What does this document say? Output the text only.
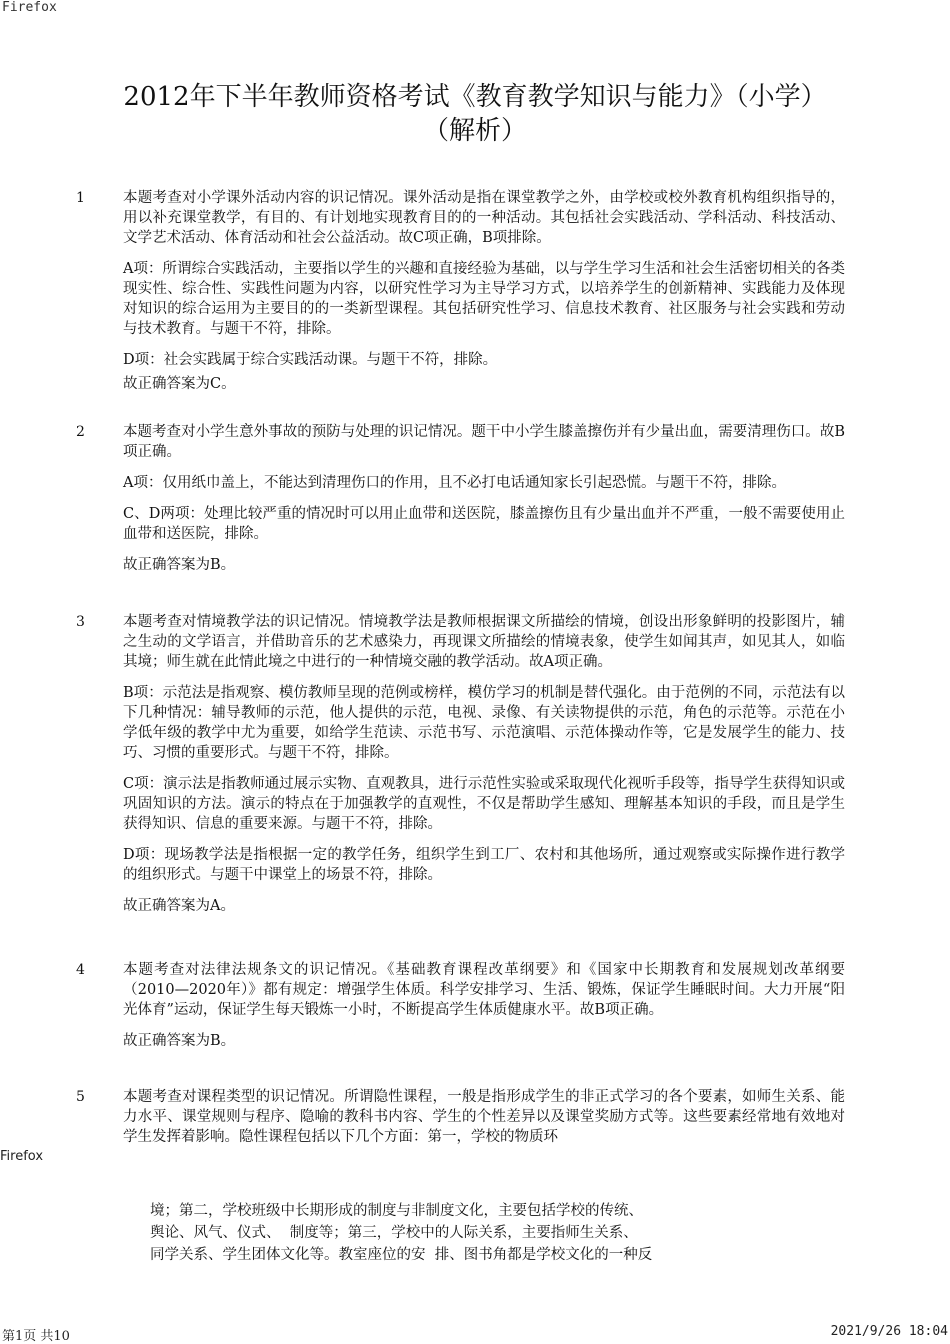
Firefox
2012年下半年教师资格考试《教育教学知识与能力》（小学）
（解析）
1	本题考查对小学课外活动内容的识记情况。课外活动是指在课堂教学之外，由学校或校外教育机构组织指导的，用以补充课堂教学，有目的、有计划地实现教育目的的一种活动。其包括社会实践活动、学科活动、科技活动、文学艺术活动、体育活动和社会公益活动。故C项正确，B项排除。

A项：所谓综合实践活动，主要指以学生的兴趣和直接经验为基础，以与学生学习生活和社会生活密切相关的各类现实性、综合性、实践性问题为内容，以研究性学习为主导学习方式，以培养学生的创新精神、实践能力及体现对知识的综合运用为主要目的的一类新型课程。其包括研究性学习、信息技术教育、社区服务与社会实践和劳动与技术教育。与题干不符，排除。

D项：社会实践属于综合实践活动课。与题干不符，排除。

故正确答案为C。

2	本题考查对小学生意外事故的预防与处理的识记情况。题干中小学生膝盖擦伤并有少量出血，需要清理伤口。故B项正确。

A项：仅用纸巾盖上，不能达到清理伤口的作用，且不必打电话通知家长引起恐慌。与题干不符，排除。

C、D两项：处理比较严重的情况时可以用止血带和送医院，膝盖擦伤且有少量出血并不严重，一般不需要使用止血带和送医院，排除。

故正确答案为B。

3	本题考查对情境教学法的识记情况。情境教学法是教师根据课文所描绘的情境，创设出形象鲜明的投影图片，辅之生动的文学语言，并借助音乐的艺术感染力，再现课文所描绘的情境表象，使学生如闻其声，如见其人，如临其境；师生就在此情此境之中进行的一种情境交融的教学活动。故A项正确。

B项：示范法是指观察、模仿教师呈现的范例或榜样，模仿学习的机制是替代强化。由于范例的不同，示范法有以下几种情况：辅导教师的示范，他人提供的示范，电视、录像、有关读物提供的示范，角色的示范等。示范在小学低年级的教学中尤为重要，如给学生范读、示范书写、示范演唱、示范体操动作等，它是发展学生的能力、技巧、习惯的重要形式。与题干不符，排除。

C项：演示法是指教师通过展示实物、直观教具，进行示范性实验或采取现代化视听手段等，指导学生获得知识或巩固知识的方法。演示的特点在于加强教学的直观性，不仅是帮助学生感知、理解基本知识的手段，而且是学生获得知识、信息的重要来源。与题干不符，排除。

D项：现场教学法是指根据一定的教学任务，组织学生到工厂、农村和其他场所，通过观察或实际操作进行教学的组织形式。与题干中课堂上的场景不符，排除。

故正确答案为A。

4	本题考查对法律法规条文的识记情况。《基础教育课程改革纲要》和《国家中长期教育和发展规划改革纲要（2010—2020年）》都有规定：增强学生体质。科学安排学习、生活、锻炼，保证学生睡眠时间。大力开展“阳光体育”运动，保证学生每天锻炼一小时，不断提高学生体质健康水平。故B项正确。

故正确答案为B。

5	本题考查对课程类型的识记情况。所谓隐性课程，一般是指形成学生的非正式学习的各个要素，如师生关系、能力水平、课堂规则与程序、隐喻的教科书内容、学生的个性差异以及课堂奖励方式等。这些要素经常地有效地对学生发挥着影响。隐性课程包括以下几个方面：第一，学校的物质环

Firefox
境；第二，学校班级中长期形成的制度与非制度文化，主要包括学校的传统、
舆论、风气、仪式、  制度等；第三，学校中的人际关系，主要指师生关系、
同学关系、学生团体文化等。教室座位的安  排、图书角都是学校文化的一种反
第1页 共10	2021/9/26 18:04
